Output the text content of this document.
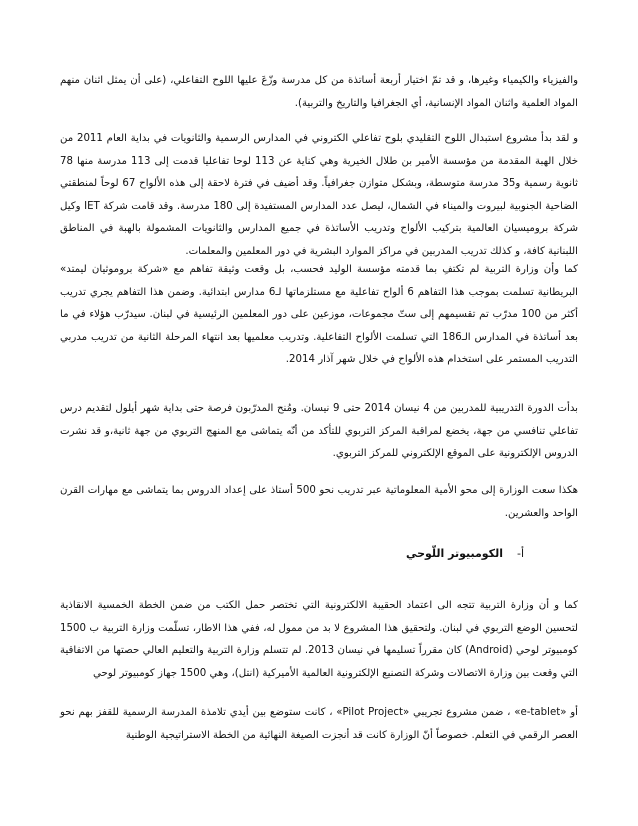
والفيزياء والكيمياء وغيرها، و قد تمّ اختيار أربعة أساتذة من كل مدرسة وزّعَ عليها اللوح التفاعلي، (على أن يمثل اثنان منهم المواد العلمية واثنان المواد الإنسانية، أي الجغرافيا والتاريخ والتربية).

و لقد بدأ مشروع استبدال اللوح التقليدي بلوح تفاعلي الكتروني في المدارس الرسمية والثانويات في بداية العام 2011 من خلال الهبة المقدمة من مؤسسة الأمير بن طلال الخيرية وهي كناية عن 113 لوحا تفاعليا قدمت إلى 113 مدرسة منها 78 ثانوية رسمية و35 مدرسة متوسطة، وبشكل متوازن جغرافياً. وقد أضيف في فترة لاحقة إلى هذه الألواح 67 لوحاً لمنطقتي الضاحية الجنوبية لبيروت والميناء في الشمال، ليصل عدد المدارس المستفيدة إلى 180 مدرسة. وقد قامت شركة IET وكيل شركة بروميسيان العالمية بتركيب الألواح وتدريب الأساتذة في جميع المدارس والثانويات المشمولة بالهبة في المناطق اللبنانية كافة، و كذلك تدريب المدربين في مراكز الموارد البشرية في دور المعلمين والمعلمات.

كما وأن وزارة التربية لم تكتفِ بما قدمته مؤسسة الوليد فحسب، بل وقعت وثيقة تفاهم مع «شركة بروموثيان ليمتد» البريطانية تسلمت بموجب هذا التفاهم 6 ألواح تفاعلية مع مستلزماتها لـ6 مدارس ابتدائية. وضمن هذا التفاهم يجري تدريب أكثر من 100 مدرّب تم تقسيمهم إلى ستّ مجموعات، موزعين على دور المعلمين الرئيسية في لبنان. سيدرّب هؤلاء في ما بعد أساتذة في المدارس الـ186 التي تسلمت الألواح التفاعلية. وتدريب معلميها بعد انتهاء المرحلة الثانية من تدريب مدربي التدريب المستمر على استخدام هذه الألواح في خلال شهر آذار 2014.

بدأت الدورة التدريبية للمدربين من 4 نيسان 2014 حتى 9 نيسان. ومُنح المدرّبون فرصة حتى بداية شهر أيلول لتقديم درس تفاعلي تنافسي من جهة، يخضع لمراقبة المركز التربوي للتأكد من أنّه يتماشى مع المنهج التربوي من جهة ثانية،و قد نشرت الدروس الإلكترونية على الموقع الإلكتروني للمركز التربوي.

هكذا سعت الوزارة إلى محو الأمية المعلوماتية عبر تدريب نحو 500 أستاذ على إعداد الدروس بما يتماشى مع مهارات القرن الواحد والعشرين.

أ-الكومبيوتر اللّوحي

كما و أن وزارة التربية تتجه الى اعتماد الحقيبة الالكترونية التي تختصر حمل الكتب من ضمن الخطة الخمسية الانقاذية لتحسين الوضع التربوي في لبنان. ولتحقيق هذا المشروع لا بد من ممول له، ففي هذا الاطار، تسلّمت وزارة التربية ب 1500 كومبيوتر لوحي (Android) كان مقرراً تسليمها في نيسان 2013. لم تتسلم وزارة التربية والتعليم العالي حصتها من الاتفاقية التي وقعت بين وزارة الاتصالات وشركة التصنيع الإلكترونية العالمية الأميركية (انتل)، وهي 1500 جهاز كومبيوتر لوحي

أو «e-tablet» ، ضمن مشروع تجريبي «Pilot Project» ، كانت ستوضع بين أيدي تلامذة المدرسة الرسمية للقفز بهم نحو العصر الرقمي في التعلم. خصوصاً أنّ الوزارة كانت قد أنجزت الصيغة النهائية من الخطة الاستراتيجية الوطنية
